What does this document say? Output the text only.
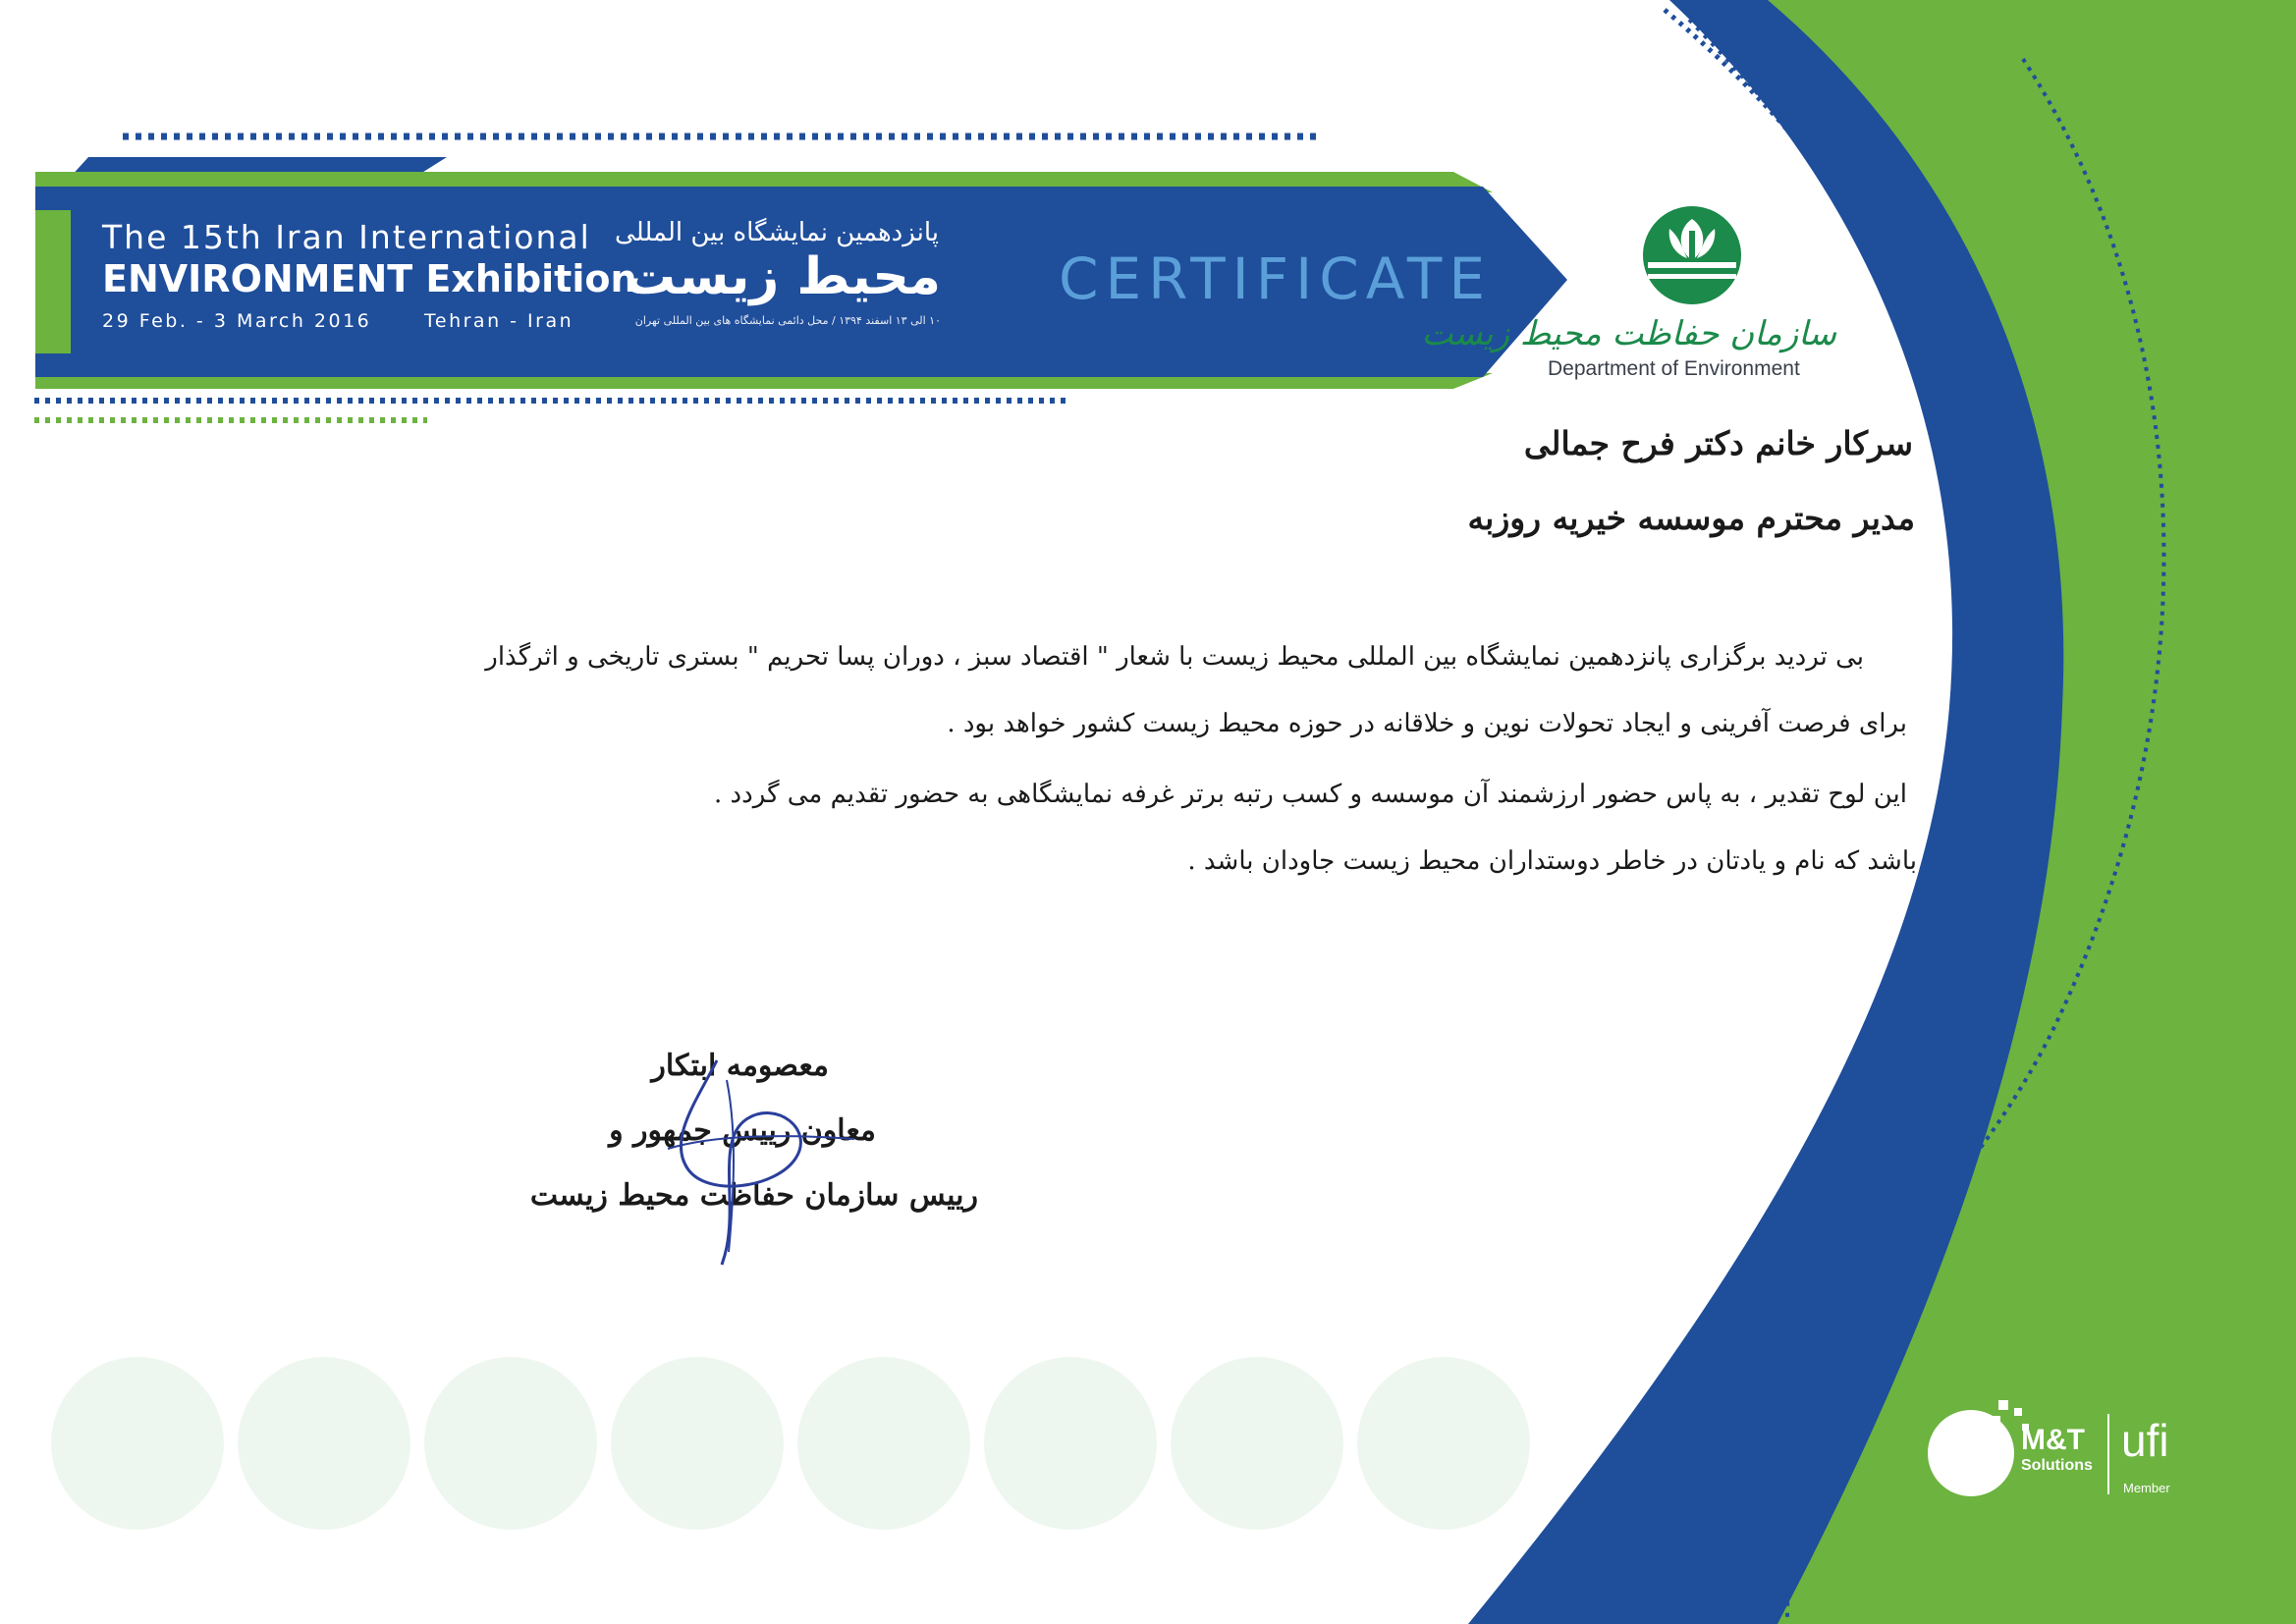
The 15th Iran International
ENVIRONMENT Exhibition
29 Feb. - 3 March 2016	Tehran - Iran
پانزدهمین نمایشگاه بین المللی
محیط زیست
۱۰ الی ۱۳ اسفند ۱۳۹۴ / محل دائمی نمایشگاه های بین المللی تهران
CERTIFICATE
سازمان حفاظت محیط زیست
Department of Environment
سرکار خانم دکتر فرح جمالی
مدیر محترم موسسه خیریه روزبه
بی تردید برگزاری پانزدهمین نمایشگاه بین المللی محیط زیست با شعار " اقتصاد سبز ، دوران پسا تحریم " بستری تاریخی و اثرگذار
برای فرصت آفرینی و ایجاد تحولات نوین و خلاقانه در حوزه محیط زیست کشور خواهد بود .
این لوح تقدیر ، به پاس حضور ارزشمند آن موسسه و کسب رتبه برتر غرفه نمایشگاهی به حضور تقدیم می گردد .
باشد که نام و یادتان در خاطر دوستداران محیط زیست جاودان باشد .
معصومه ابتکار
معاون رییس جمهور و
رییس سازمان حفاظت محیط زیست
M&T
Solutions ufi
Member
